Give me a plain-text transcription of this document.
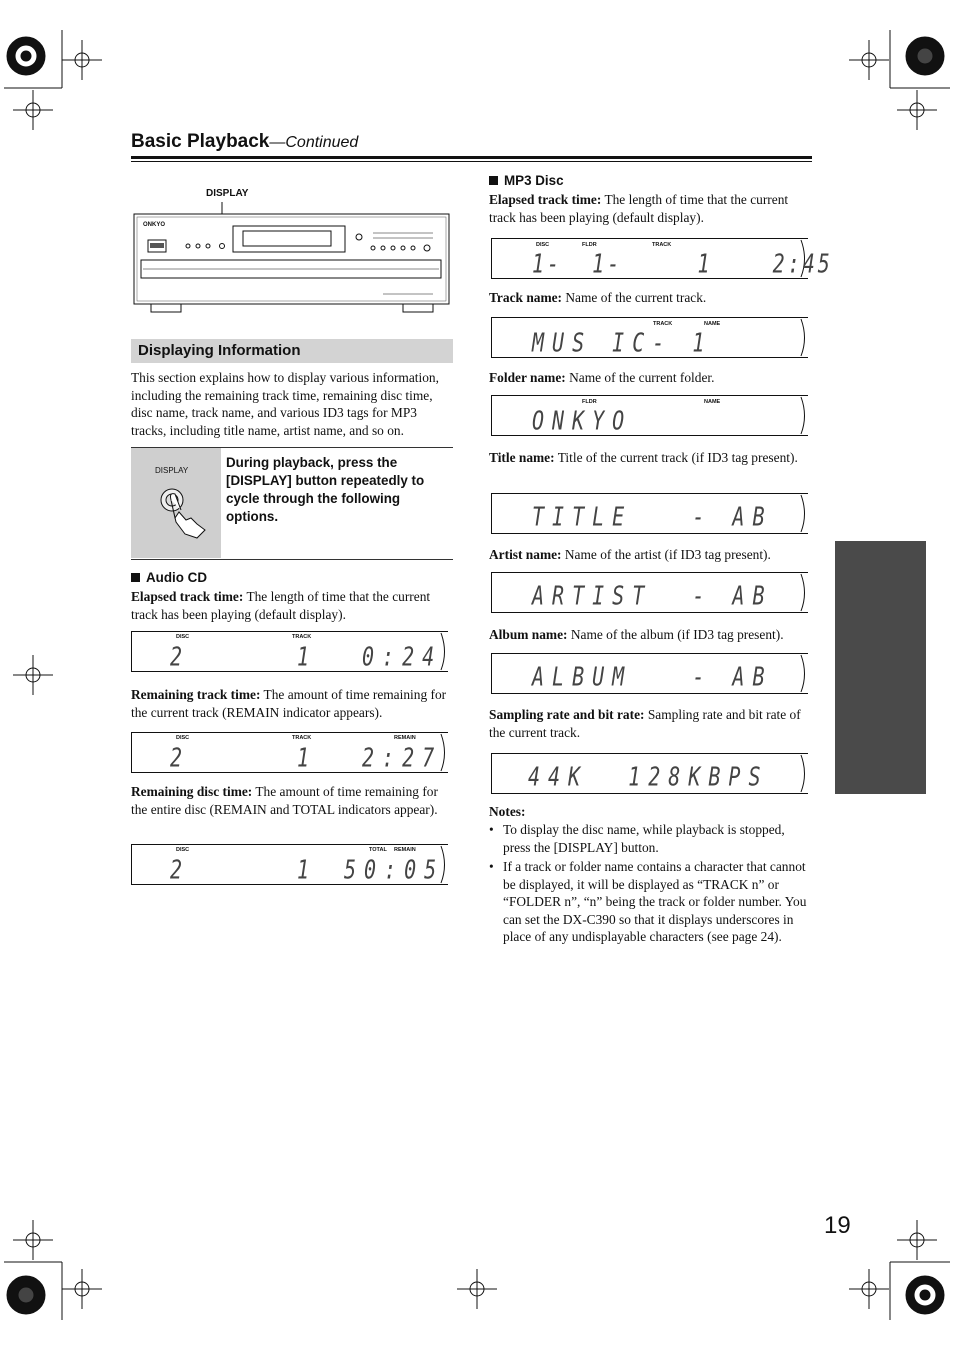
Basic Playback—Continued
DISPLAY
ONKYO
Displaying Information
This section explains how to display various information, including the remaining track time, remaining disc time, disc name, track name, and various ID3 tags for MP3 tracks, including title name, artist name, and so on.
DISPLAY
During playback, press the [DISPLAY] button repeatedly to cycle through the following options.
Audio CD
Elapsed track time: The length of time that the current track has been playing (default display).
DISC	TRACK
2	1 0:24
Remaining track time: The amount of time remaining for the current track (REMAIN indicator appears).
DISC	TRACK	REMAIN
2	1 2:27
Remaining disc time: The amount of time remaining for the entire disc (REMAIN and TOTAL indicators appear).
DISC	TOTAL REMAIN
2	1 50:05
MP3 Disc
Elapsed track time: The length of time that the current track has been playing (default display).
DISC	FLDR	TRACK
1-  1-     1    2:45
Track name: Name of the current track.
TRACK	NAME
MUS IC- 1
Folder name: Name of the current folder.
FLDR	NAME
ONKYO
Title name: Title of the current track (if ID3 tag present).
TITLE   - AB
Artist name: Name of the artist (if ID3 tag present).
ARTIST  - AB
Album name: Name of the album (if ID3 tag present).
ALBUM   - AB
Sampling rate and bit rate: Sampling rate and bit rate of the current track.
44K  128KBPS
Notes:
• To display the disc name, while playback is stopped, press the [DISPLAY] button.
• If a track or folder name contains a character that cannot be displayed, it will be displayed as “TRACK n” or “FOLDER n”, “n” being the track or folder number. You can set the DX-C390 so that it displays underscores in place of any undisplayable characters (see page 24).
19
